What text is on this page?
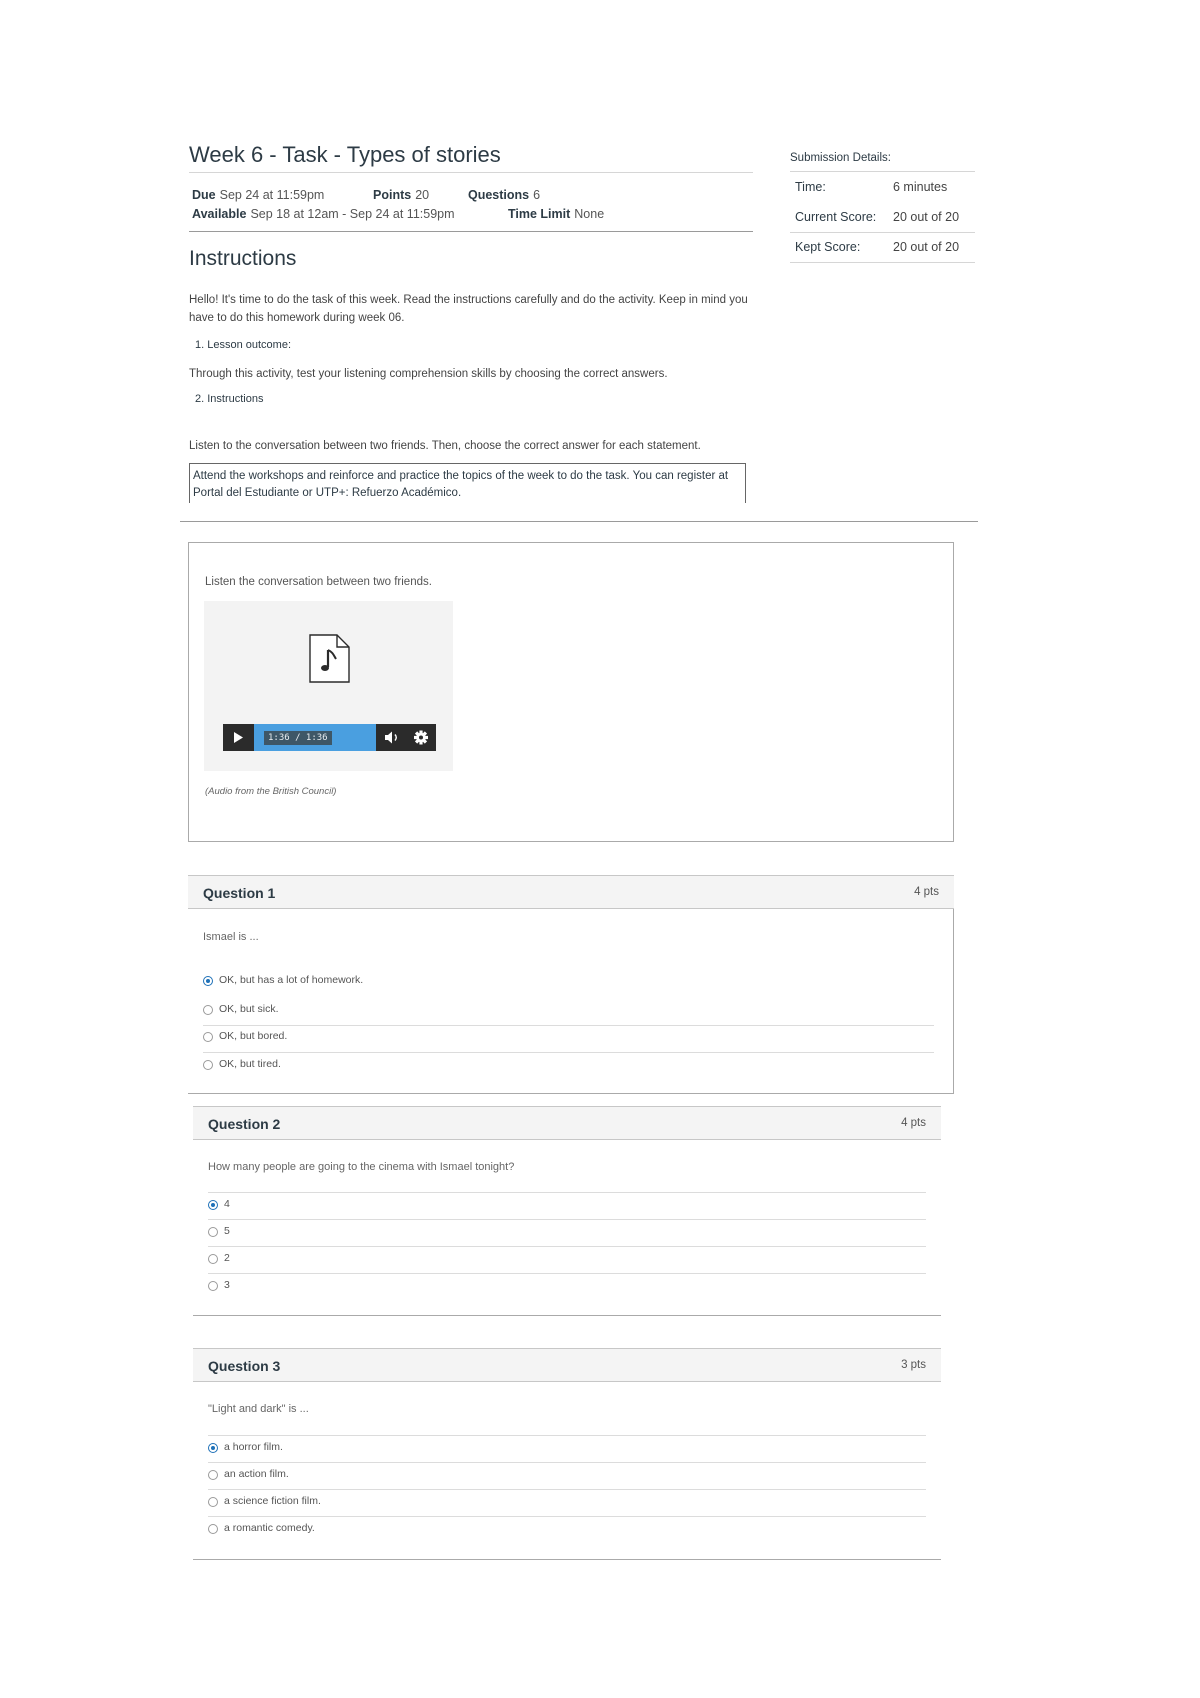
Week 6 - Task - Types of stories
Due Sep 24 at 11:59pm	Points 20	Questions 6
Available Sep 18 at 12am - Sep 24 at 11:59pm	Time Limit None
Instructions
Hello! It's time to do the task of this week. Read the instructions carefully and do the activity. Keep in mind you have to do this homework during week 06.
1. Lesson outcome:
Through this activity, test your listening comprehension skills by choosing the correct answers.
2. Instructions
Listen to the conversation between two friends. Then, choose the correct answer for each statement.
Attend the workshops and reinforce and practice the topics of the week to do the task. You can register at Portal del Estudiante or UTP+: Refuerzo Académico.
Submission Details:
Time:	6 minutes
Current Score: 20 out of 20
Kept Score:	20 out of 20
Listen the conversation between two friends.
1:36 / 1:36
(Audio from the British Council)
Question 1	4 pts
Ismael is ...
OK, but has a lot of homework.
OK, but sick.
OK, but bored.
OK, but tired.
Question 2	4 pts
How many people are going to the cinema with Ismael tonight?
4
5
2
3
Question 3	3 pts
"Light and dark" is ...
a horror film.
an action film.
a science fiction film.
a romantic comedy.
